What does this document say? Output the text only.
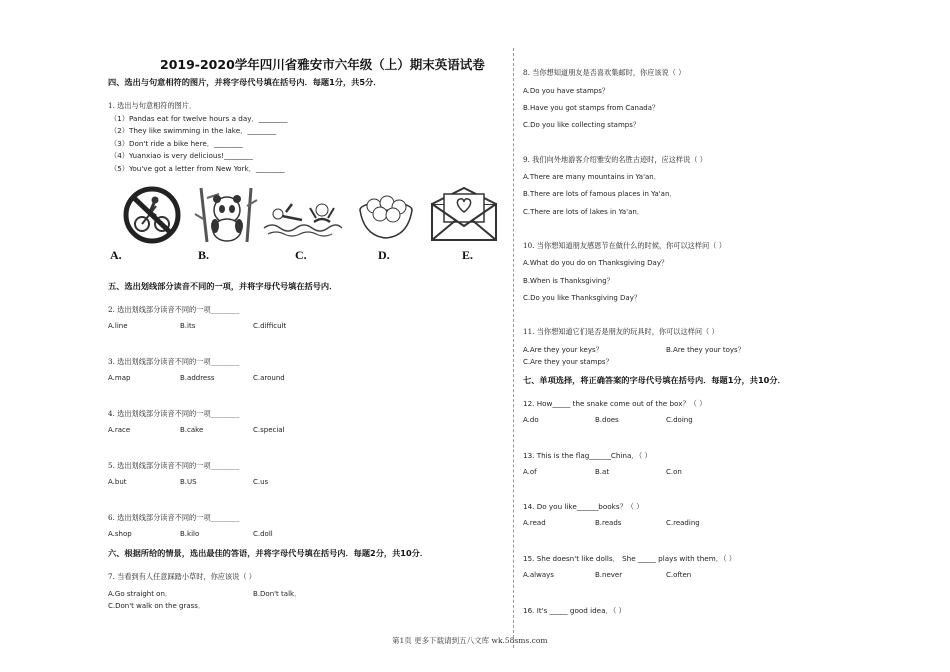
2019-2020学年四川省雅安市六年级（上）期末英语试卷
四、选出与句意相符的图片，并将字母代号填在括号内．每题1分，共5分．
1. 选出与句意相符的图片．
（1）Pandas eat for twelve hours a day．________
（2）They like swimming in the lake．________
（3）Don't ride a bike here．________
（4）Yuanxiao is very delicious!________
（5）You've got a letter from New York．________
A.	B.	C.	D.	E.
五、选出划线部分读音不同的一项，并将字母代号填在括号内．
2. 选出划线部分读音不同的一项________
A.line	B.its	C.difficult
3. 选出划线部分读音不同的一项________
A.map	B.address	C.around
4. 选出划线部分读音不同的一项________
A.race	B.cake	C.special
5. 选出划线部分读音不同的一项________
A.but	B.US	C.us
6. 选出划线部分读音不同的一项________
A.shop	B.kilo	C.doll
六、根据所给的情景，选出最佳的答语，并将字母代号填在括号内．每题2分，共10分．
7. 当看到有人任意踩踏小草时，你应该说（ ）
A.Go straight on．	B.Don't talk．
C.Don't walk on the grass．
8. 当你想知道朋友是否喜欢集邮时，你应该说（ ）
A.Do you have stamps？
B.Have you got stamps from Canada？
C.Do you like collecting stamps？
9. 我们向外地游客介绍雅安的名胜古迹时，应这样说（ ）
A.There are many mountains in Ya'an．
B.There are lots of famous places in Ya'an．
C.There are lots of lakes in Ya'an．
10. 当你想知道朋友感恩节在做什么的时候，你可以这样问（ ）
A.What do you do on Thanksgiving Day？
B.When is Thanksgiving？
C.Do you like Thanksgiving Day？
11. 当你想知道它们是否是朋友的玩具时，你可以这样问（ ）
A.Are they your keys？	B.Are they your toys？
C.Are they your stamps？
七、单项选择，将正确答案的字母代号填在括号内．每题1分，共10分．
12. How_____ the snake come out of the box？（ ）
A.do	B.does	C.doing
13. This is the flag______China．（ ）
A.of	B.at	C.on
14. Do you like______books？（ ）
A.read	B.reads	C.reading
15. She doesn't like dolls． She _____ plays with them．（ ）
A.always	B.never	C.often
16. It's _____ good idea．（ ）
第1页 更多下载请到五八文库 wk.58sms.com
